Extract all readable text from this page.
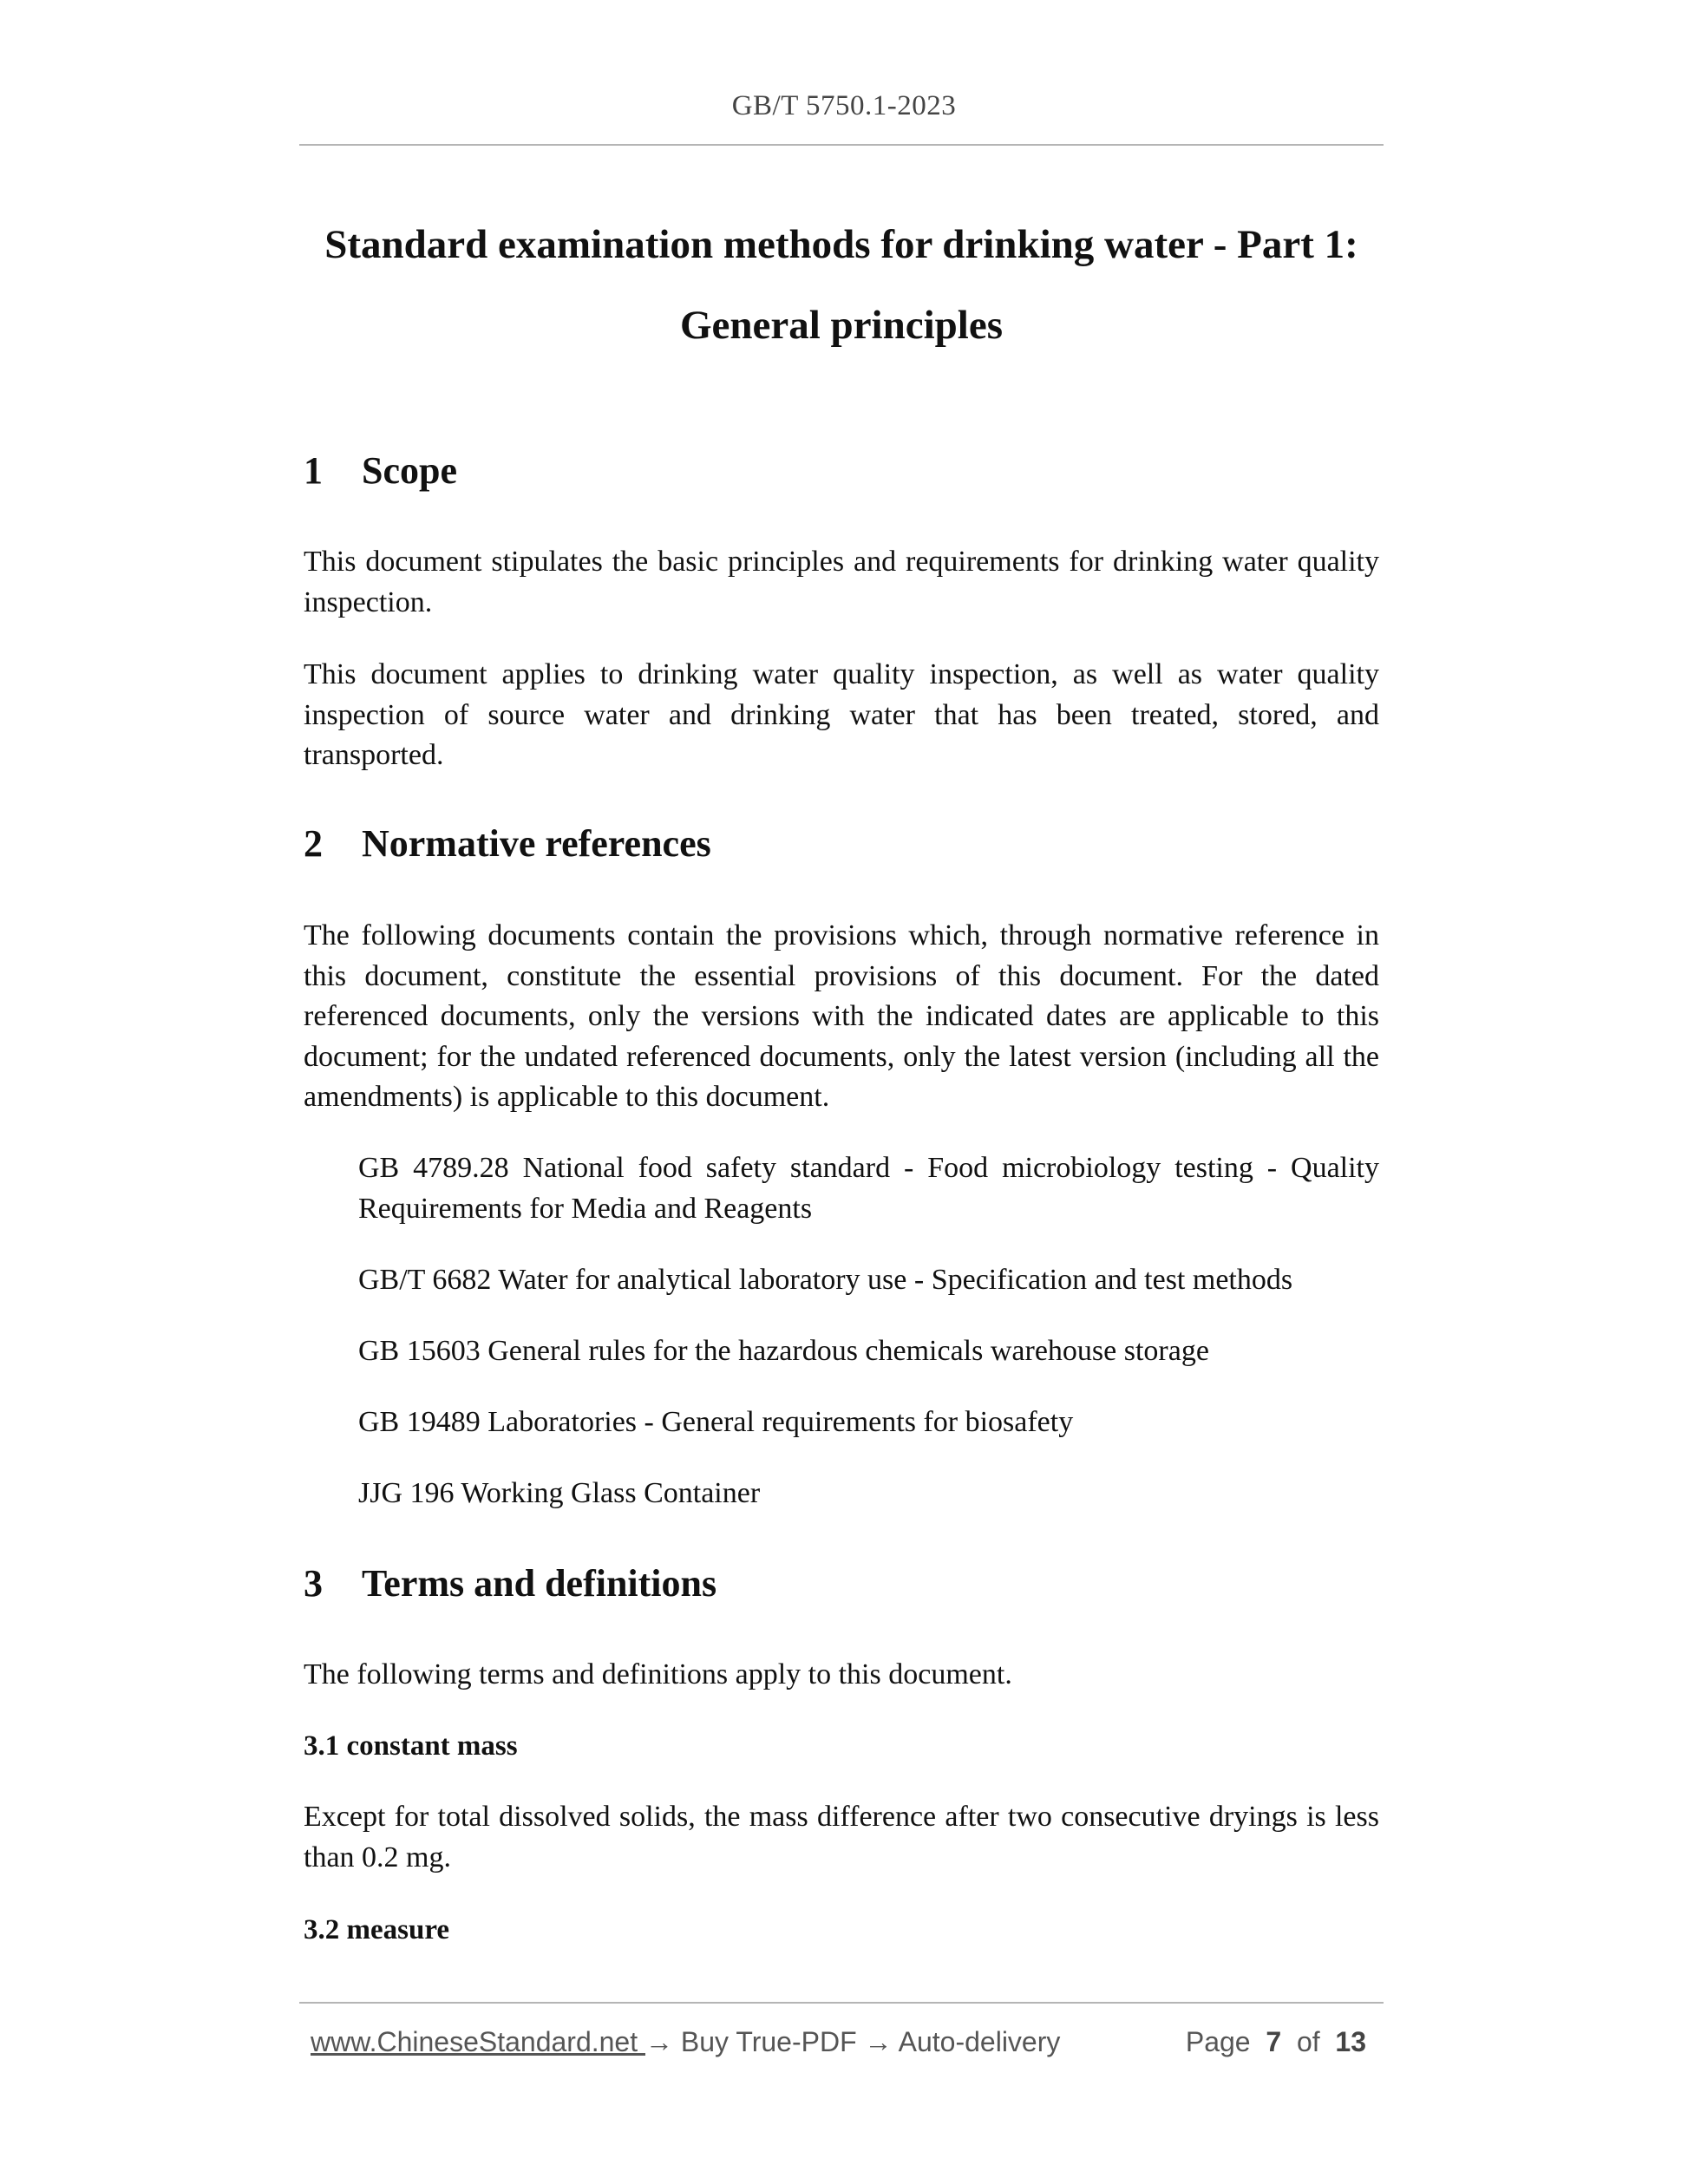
GB/T 5750.1-2023
Standard examination methods for drinking water - Part 1:
General principles
1 Scope

This document stipulates the basic principles and requirements for drinking water quality inspection.

This document applies to drinking water quality inspection, as well as water quality inspection of source water and drinking water that has been treated, stored, and transported.

2 Normative references

The following documents contain the provisions which, through normative reference in this document, constitute the essential provisions of this document. For the dated referenced documents, only the versions with the indicated dates are applicable to this document; for the undated referenced documents, only the latest version (including all the amendments) is applicable to this document.

GB 4789.28 National food safety standard - Food microbiology testing - Quality Requirements for Media and Reagents
GB/T 6682 Water for analytical laboratory use - Specification and test methods
GB 15603 General rules for the hazardous chemicals warehouse storage
GB 19489 Laboratories - General requirements for biosafety
JJG 196 Working Glass Container
3 Terms and definitions

The following terms and definitions apply to this document.

3.1 constant mass

Except for total dissolved solids, the mass difference after two consecutive dryings is less than 0.2 mg.

3.2 measure
www.ChineseStandard.net → Buy True-PDF → Auto-delivery	Page 7 of 13
